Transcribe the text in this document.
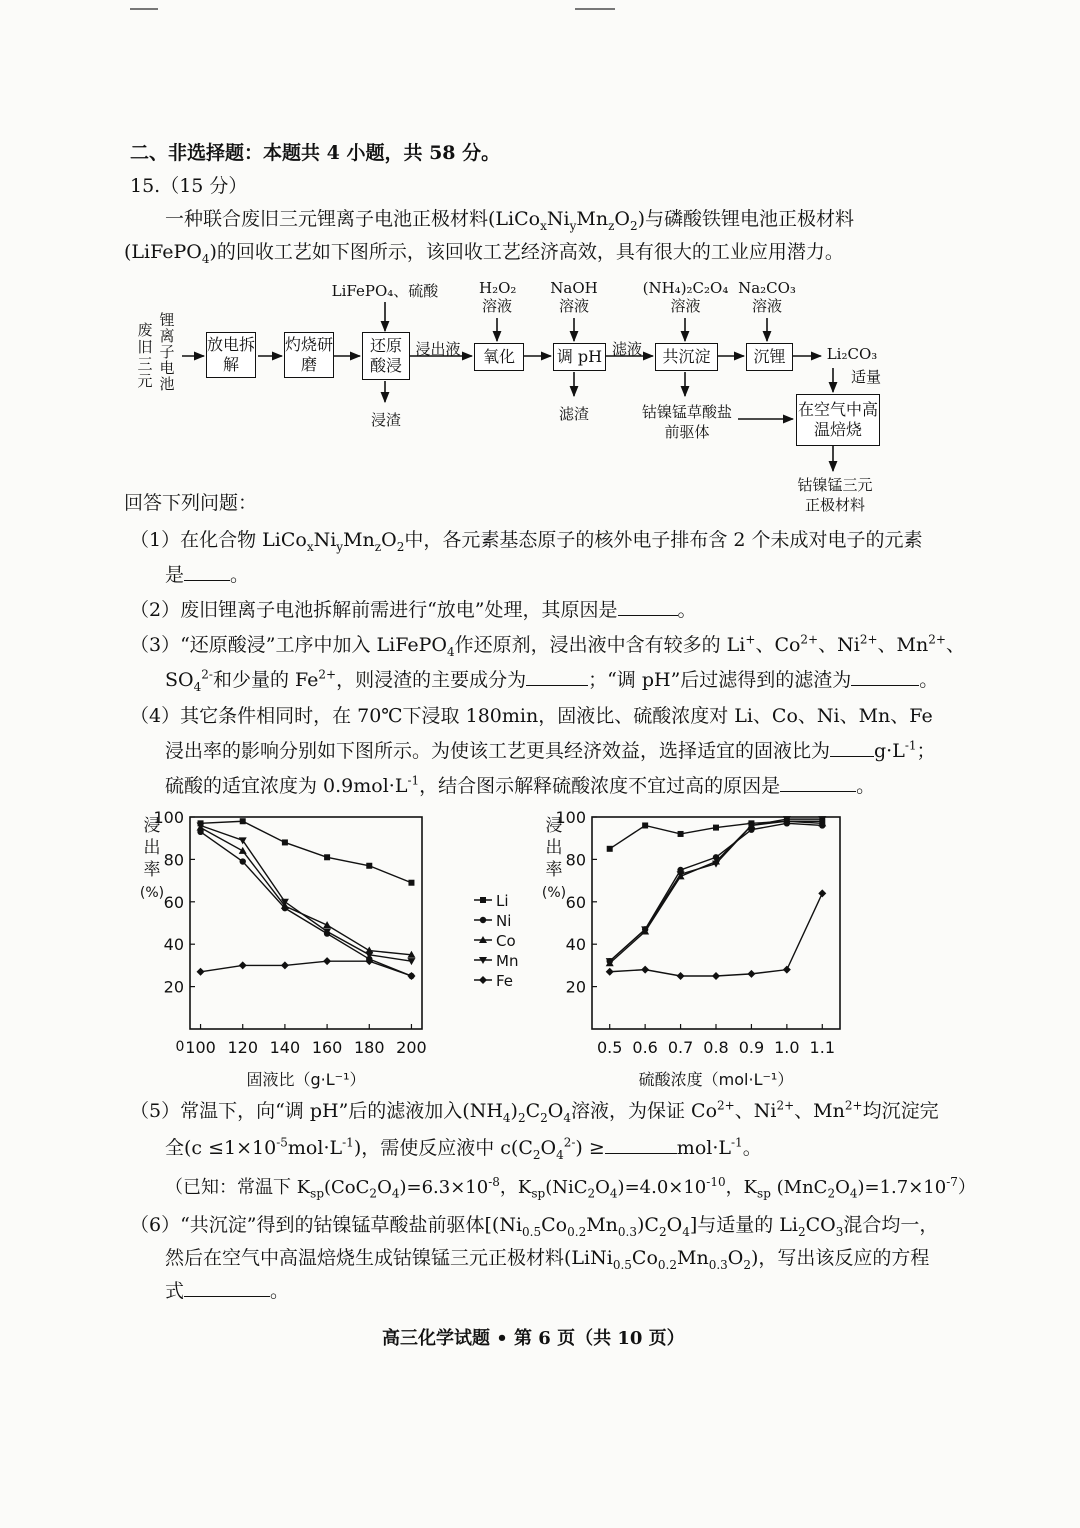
二、非选择题：本题共 4 小题，共 58 分。
15.（15 分）
一种联合废旧三元锂离子电池正极材料$(LiCo_xNi_yMn_zO_2)$与磷酸铁锂电池正极材料
(LiFePO$_4$)的回收工艺如下图所示，该回收工艺经济高效，具有很大的工业应用潜力。
废旧三元
锂离子电池
放电拆解
灼烧研磨
还原酸浸	氧化	调 pH	共沉淀	沉锂
在空气中高温焙烧
LiFePO₄、硫酸	H₂O₂溶液
NaOH溶液
(NH₄)₂C₂O₄溶液
Na₂CO₃溶液
浸渣	滤渣
浸出液	滤液	Li₂CO₃
适量
钴镍锰草酸盐前驱体
钴镍锰三元正极材料
回答下列问题：
（1）在化合物 $LiCo_xNi_yMn_zO_2$中，各元素基态原子的核外电子排布含 2 个未成对电子的元素
是 。
（2）废旧锂离子电池拆解前需进行“放电”处理，其原因是	。
（3）“还原酸浸”工序中加入 LiFePO$_4$作还原剂，浸出液中含有较多的 Li+、$Co^{2+}$、$Ni^{2+}$、$Mn^{2+}$、
$SO_4^{2-}$和少量的 $Fe^{2+}$，则浸渣的主要成分为	；“调 pH”后过滤得到的滤渣为	。
（4）其它条件相同时，在 70℃下浸取 180min，固液比、硫酸浓度对 Li、Co、Ni、Mn、Fe
浸出率的影响分别如下图所示。为使该工艺更具经济效益，选择适宜的固液比为 $g\cdot L^{-1}$；
硫酸的适宜浓度为 $0.9mol\cdot L^{-1}$，结合图示解释硫酸浓度不宜过高的原因是	。
20
40
60
80
100
100 120 140 160 180 200
0
浸
出
率
(%)
固液比（g·L⁻¹）
20
40
60
80
100
0.5 0.6 0.7 0.8 0.9 1.0 1.1
浸
出
率
(%)
硫酸浓度（mol·L⁻¹）
Li
Ni
Co
Mn
Fe
（5）常温下，向“调 pH”后的滤液加入$(NH_4)_2C_2O_4$溶液，为保证 $Co^{2+}$、$Ni^{2+}$、$Mn^{2+}$均沉淀完
全$(c \le 1\times 10^{-5}mol\cdot L^{-1})$，需使反应液中 $c(C_2O_4^{2-})$ ≥	$mol\cdot L^{-1}$。
（已知：常温下 $K_{sp}(CoC_2O_4)=6.3\times 10^{-8}$，$K_{sp}(NiC_2O_4)=4.0\times 10^{-10}$，$K_{sp}$ $(MnC_2O_4)=1.7\times 10^{-7}$）
（6）“共沉淀”得到的钴镍锰草酸盐前驱体$[(Ni_{0.5}Co_{0.2}Mn_{0.3})C_2O_4]$与适量的 $Li_2CO_3$混合均一，
然后在空气中高温焙烧生成钴镍锰三元正极材料$(LiNi_{0.5}Co_{0.2}Mn_{0.3}O_2)$，写出该反应的方程
式	。
高三化学试题 • 第 6 页（共 10 页）
